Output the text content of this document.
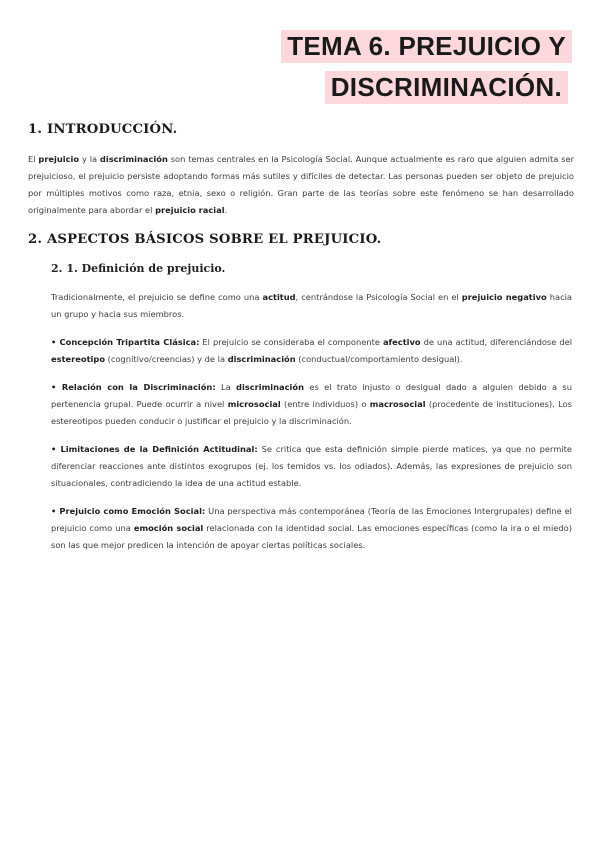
TEMA 6. PREJUICIO Y
DISCRIMINACIÓN.
1. INTRODUCCIÓN.

El prejuicio y la discriminación son temas centrales en la Psicología Social. Aunque actualmente es raro que alguien admita ser prejuicioso, el prejuicio persiste adoptando formas más sutiles y difíciles de detectar. Las personas pueden ser objeto de prejuicio por múltiples motivos como raza, etnia, sexo o religión. Gran parte de las teorías sobre este fenómeno se han desarrollado originalmente para abordar el prejuicio racial.

2. ASPECTOS BÁSICOS SOBRE EL PREJUICIO.
2. 1. Definición de prejuicio.

Tradicionalmente, el prejuicio se define como una actitud, centrándose la Psicología Social en el prejuicio negativo hacia un grupo y hacia sus miembros.

• Concepción Tripartita Clásica: El prejuicio se consideraba el componente afectivo de una actitud, diferenciándose del estereotipo (cognitivo/creencias) y de la discriminación (conductual/comportamiento desigual).

• Relación con la Discriminación: La discriminación es el trato injusto o desigual dado a alguien debido a su pertenencia grupal. Puede ocurrir a nivel microsocial (entre individuos) o macrosocial (procedente de instituciones). Los estereotipos pueden conducir o justificar el prejuicio y la discriminación.

• Limitaciones de la Definición Actitudinal: Se critica que esta definición simple pierde matices, ya que no permite diferenciar reacciones ante distintos exogrupos (ej. los temidos vs. los odiados). Además, las expresiones de prejuicio son situacionales, contradiciendo la idea de una actitud estable.

• Prejuicio como Emoción Social: Una perspectiva más contemporánea (Teoría de las Emociones Intergrupales) define el prejuicio como una emoción social relacionada con la identidad social. Las emociones específicas (como la ira o el miedo) son las que mejor predicen la intención de apoyar ciertas políticas sociales.
